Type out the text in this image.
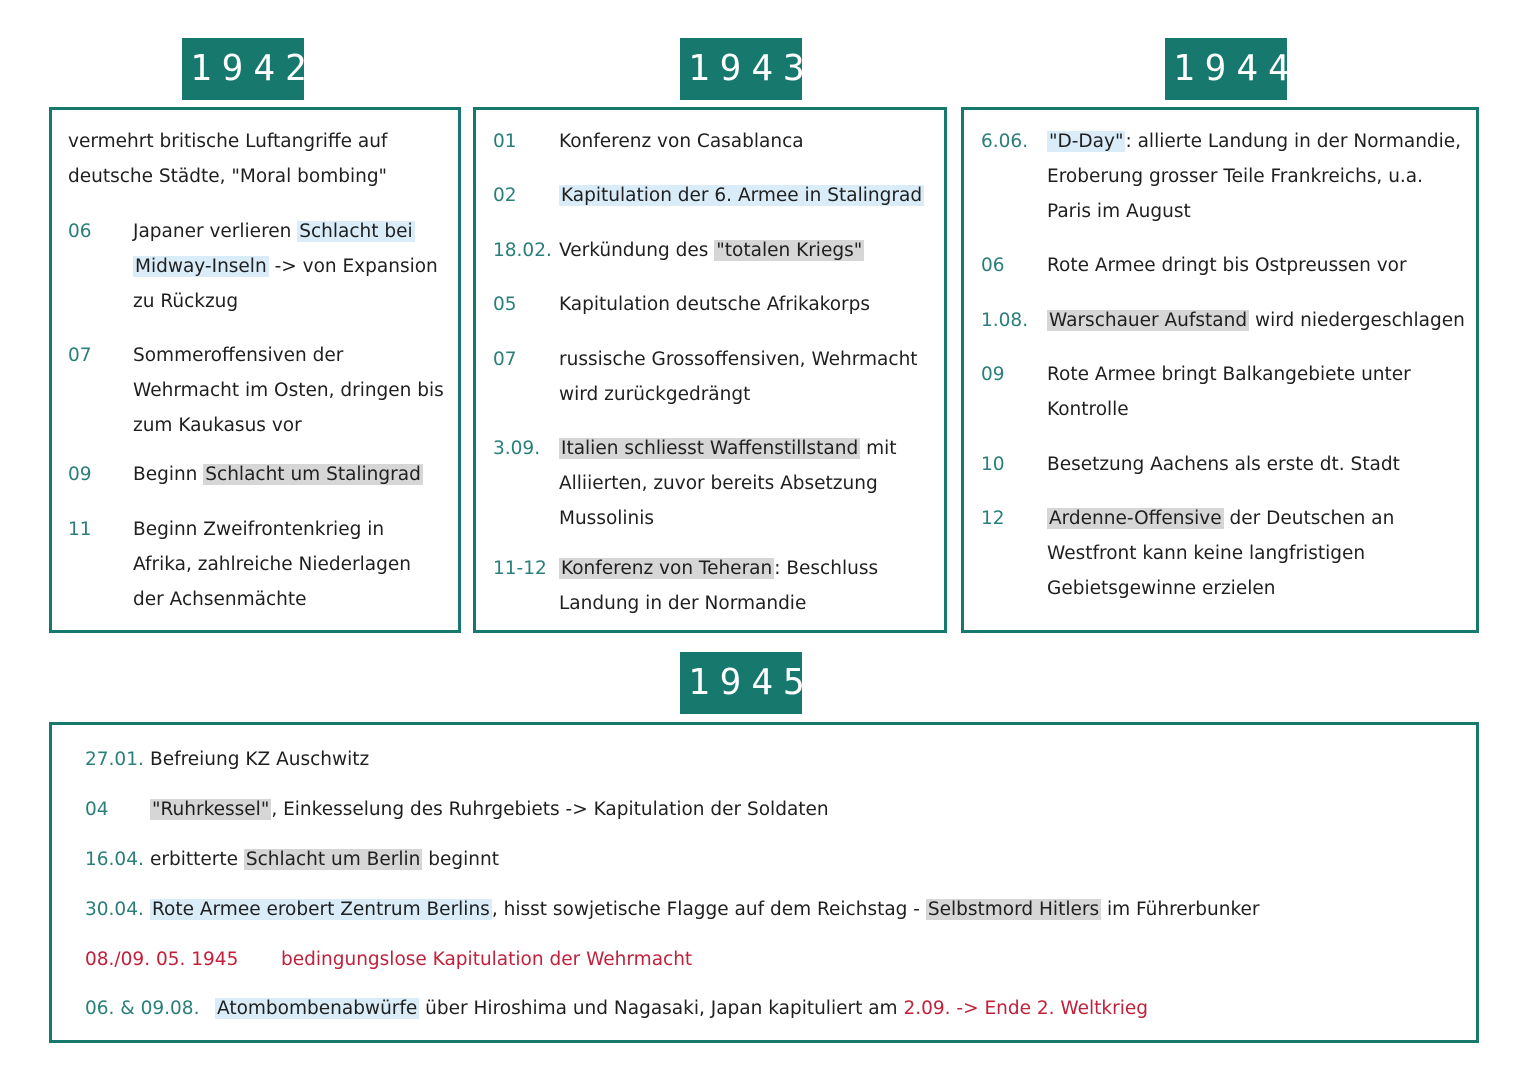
1942	1943	1944
1945
vermehrt britische Luftangriffe auf
deutsche Städte, "Moral bombing"
06 Japaner verlieren Schlacht bei
Midway-Inseln -> von Expansion
zu Rückzug
07 Sommeroffensiven der
Wehrmacht im Osten, dringen bis
zum Kaukasus vor
09 Beginn Schlacht um Stalingrad
11 Beginn Zweifrontenkrieg in
Afrika, zahlreiche Niederlagen
der Achsenmächte
01 Konferenz von Casablanca
02 Kapitulation der 6. Armee in Stalingrad
18.02. Verkündung des "totalen Kriegs"
05 Kapitulation deutsche Afrikakorps
07 russische Grossoffensiven, Wehrmacht
wird zurückgedrängt
3.09. Italien schliesst Waffenstillstand mit
Alliierten, zuvor bereits Absetzung
Mussolinis
11-12 Konferenz von Teheran : Beschluss
Landung in der Normandie
6.06. "D-Day" : allierte Landung in der Normandie,
Eroberung grosser Teile Frankreichs, u.a.
Paris im August
06 Rote Armee dringt bis Ostpreussen vor
1.08. Warschauer Aufstand wird niedergeschlagen
09 Rote Armee bringt Balkangebiete unter
Kontrolle
10 Besetzung Aachens als erste dt. Stadt
12 Ardenne-Offensive der Deutschen an
Westfront kann keine langfristigen
Gebietsgewinne erzielen
27.01. Befreiung KZ Auschwitz
04 "Ruhrkessel" , Einkesselung des Ruhrgebiets -> Kapitulation der Soldaten
16.04. erbitterte Schlacht um Berlin beginnt
30.04. Rote Armee erobert Zentrum Berlins , hisst sowjetische Flagge auf dem Reichstag - Selbstmord Hitlers im Führerbunker
08./09. 05. 1945 bedingungslose Kapitulation der Wehrmacht
06. & 09.08. Atombombenabwürfe über Hiroshima und Nagasaki, Japan kapituliert am 2.09. -> Ende 2. Weltkrieg
